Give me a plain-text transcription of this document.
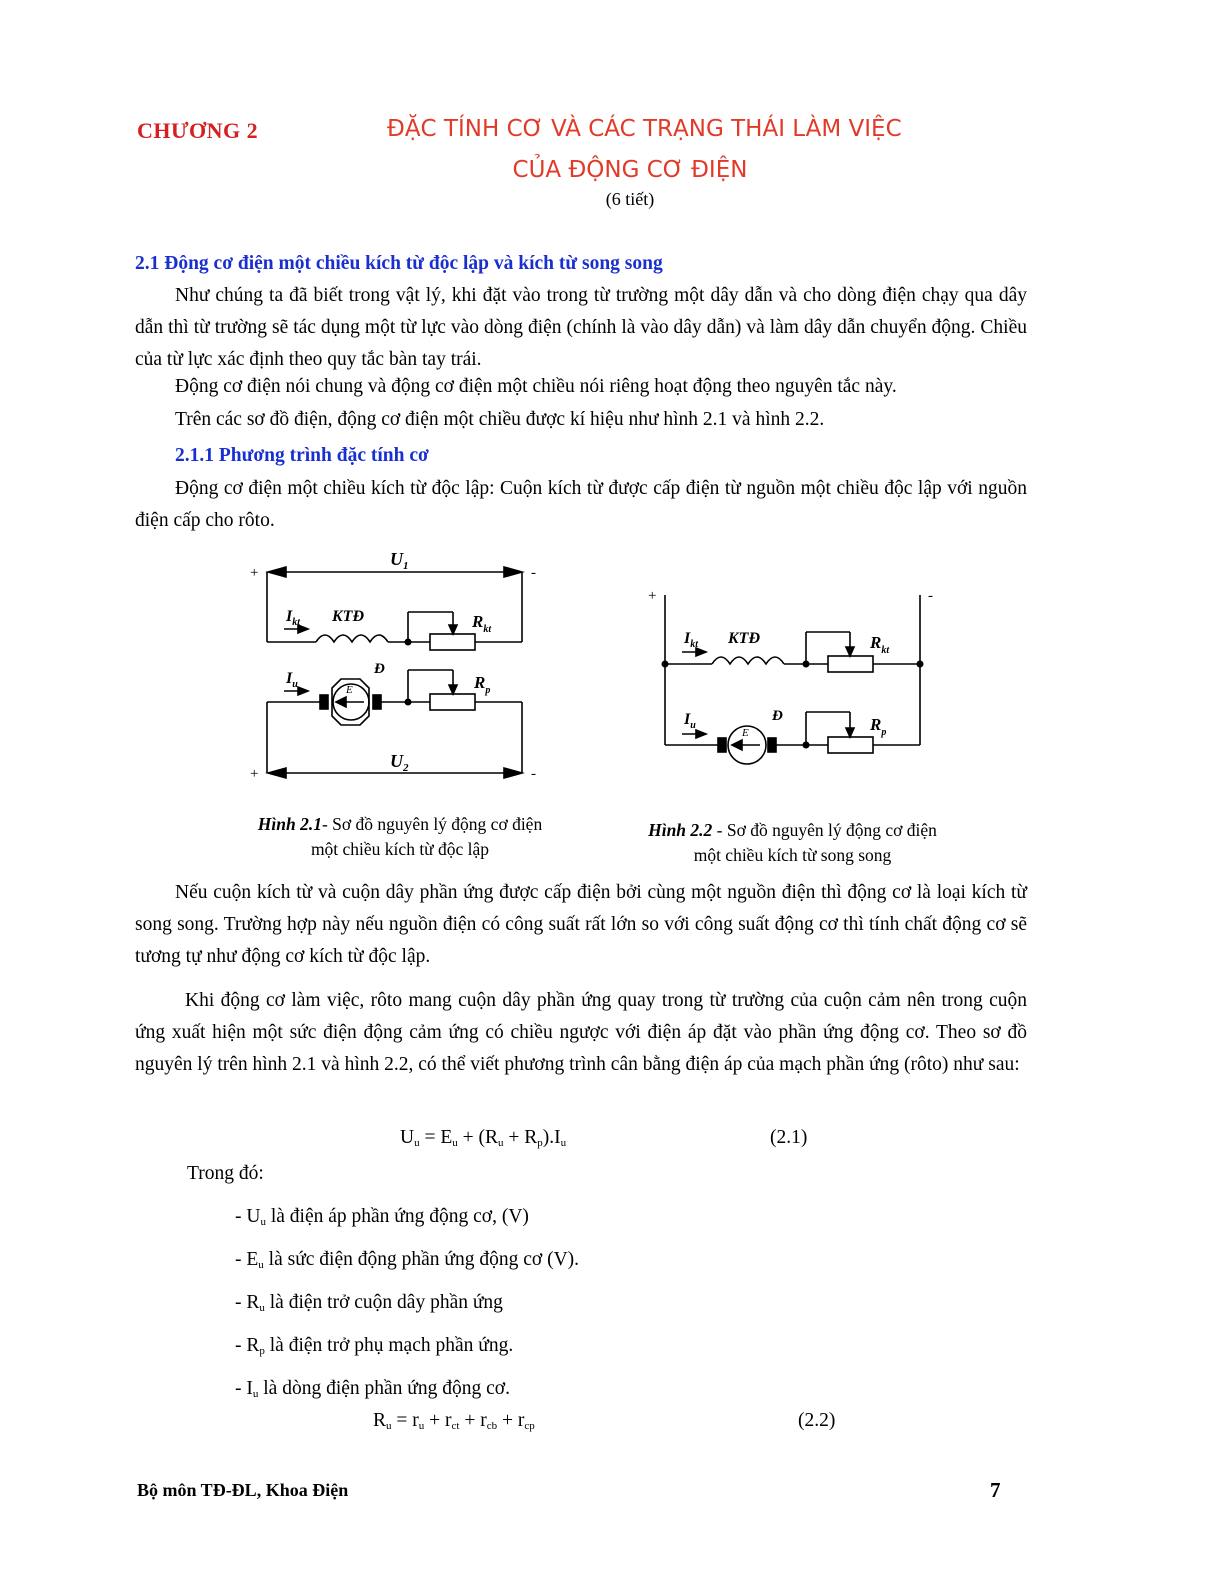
CHƯƠNG 2	ĐẶC TÍNH CƠ VÀ CÁC TRẠNG THÁI LÀM VIỆC
CỦA ĐỘNG CƠ ĐIỆN
(6 tiết)
2.1 Động cơ điện một chiều kích từ độc lập và kích từ song song
Như chúng ta đã biết trong vật lý, khi đặt vào trong từ trường một dây dẫn và cho dòng điện chạy qua dây dẫn thì từ trường sẽ tác dụng một từ lực vào dòng điện (chính là vào dây dẫn) và làm dây dẫn chuyển động. Chiều của từ lực xác định theo quy tắc bàn tay trái.
Động cơ điện nói chung và động cơ điện một chiều nói riêng hoạt động theo nguyên tắc này.
Trên các sơ đồ điện, động cơ điện một chiều được kí hiệu như hình 2.1 và hình 2.2.
2.1.1 Phương trình đặc tính cơ
Động cơ điện một chiều kích từ độc lập: Cuộn kích từ được cấp điện từ nguồn một chiều độc lập với nguồn điện cấp cho rôto.
+	-
+	-
$U_1$
$U_2$
$I_{kt}$ KTĐ	$R_{kt}$
$I_u$
Đ
E	$R_p$
+	-
$I_{kt}$ KTĐ	$R_{kt}$
$I_u$
Đ
E	$R_p$
Hình 2.1- Sơ đồ nguyên lý động cơ điện
một chiều kích từ độc lập
Hình 2.2 - Sơ đồ nguyên lý động cơ điện
một chiều kích từ song song
Nếu cuộn kích từ và cuộn dây phần ứng được cấp điện bởi cùng một nguồn điện thì động cơ là loại kích từ song song. Trường hợp này nếu nguồn điện có công suất rất lớn so với công suất động cơ thì tính chất động cơ sẽ tương tự như động cơ kích từ độc lập.
Khi động cơ làm việc, rôto mang cuộn dây phần ứng quay trong từ trường của cuộn cảm nên trong cuộn ứng xuất hiện một sức điện động cảm ứng có chiều ngược với điện áp đặt vào phần ứng động cơ. Theo sơ đồ nguyên lý trên hình 2.1 và hình 2.2, có thể viết phương trình cân bằng điện áp của mạch phần ứng (rôto) như sau:
$U_u = E_u + (R_u + R_p).I_u$	(2.1)
Trong đó:
- $U_u$ là điện áp phần ứng động cơ, (V)
- $E_u$ là sức điện động phần ứng động cơ (V).
- $R_u$ là điện trở cuộn dây phần ứng
- $R_p$ là điện trở phụ mạch phần ứng.
- $I_u$ là dòng điện phần ứng động cơ.
$R_u = r_u + r_{ct} + r_{cb} + r_{cp}$	(2.2)
Bộ môn TĐ-ĐL, Khoa Điện	7
